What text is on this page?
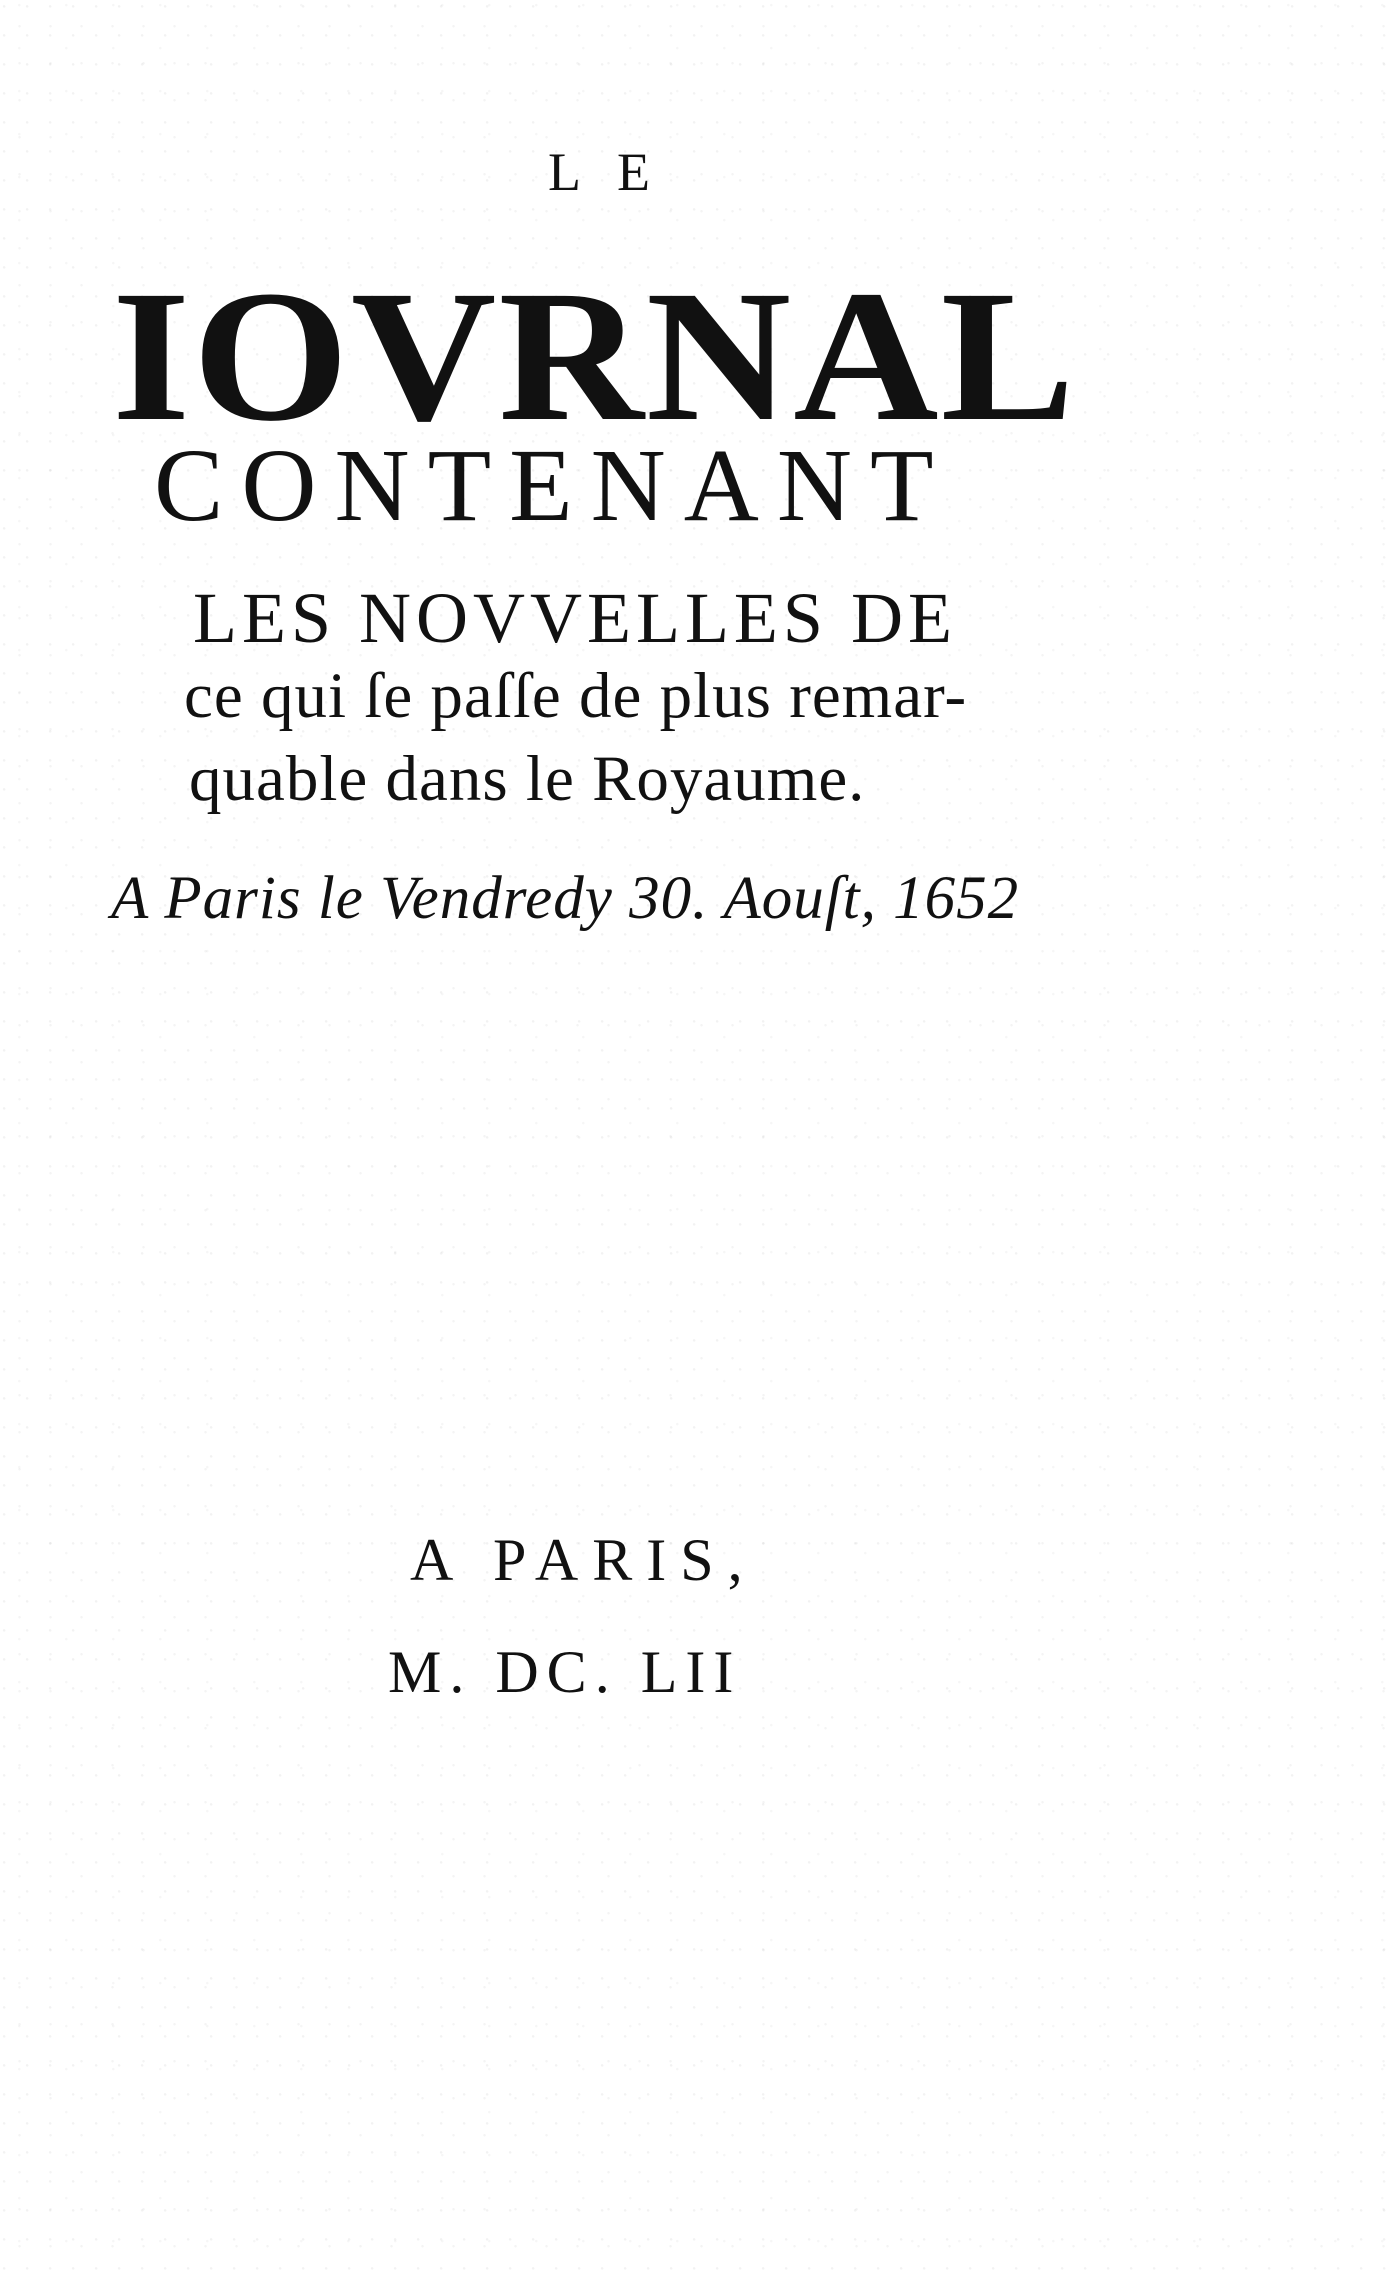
LE
IOVRNAL
CONTENANT
LES NOVVELLES DE
ce qui ſe paſſe de plus remar-
quable dans le Royaume.
A Paris le Vendredy 30. Aouſt, 1652
A PARIS,
M. DC. LII
